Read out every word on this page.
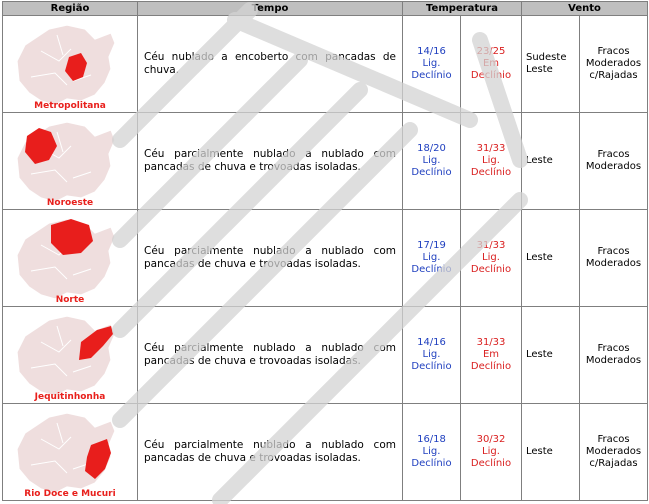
Região	Tempo	Temperatura		Vento	

Metropolitana	Céu nublado a encoberto com pancadas de chuva.	14/16
Lig.
Declínio	23/25
Em
Declínio	Sudeste
Leste	Fracos
Moderados
c/Rajadas

Noroeste	Céu parcialmente nublado a nublado com pancadas de chuva e trovoadas isoladas.	18/20
Lig.
Declínio	31/33
Lig.
Declínio	Leste	Fracos
Moderados

Norte	Céu parcialmente nublado a nublado com pancadas de chuva e trovoadas isoladas.	17/19
Lig.
Declínio	31/33
Lig.
Declínio	Leste	Fracos
Moderados

Jequitinhonha	Céu parcialmente nublado a nublado com pancadas de chuva e trovoadas isoladas.	14/16
Lig.
Declínio	31/33
Em
Declínio	Leste	Fracos
Moderados

Rio Doce e Mucuri	Céu parcialmente nublado a nublado com pancadas de chuva e trovoadas isoladas.	16/18
Lig.
Declínio	30/32
Lig.
Declínio	Leste	Fracos
Moderados
c/Rajadas
